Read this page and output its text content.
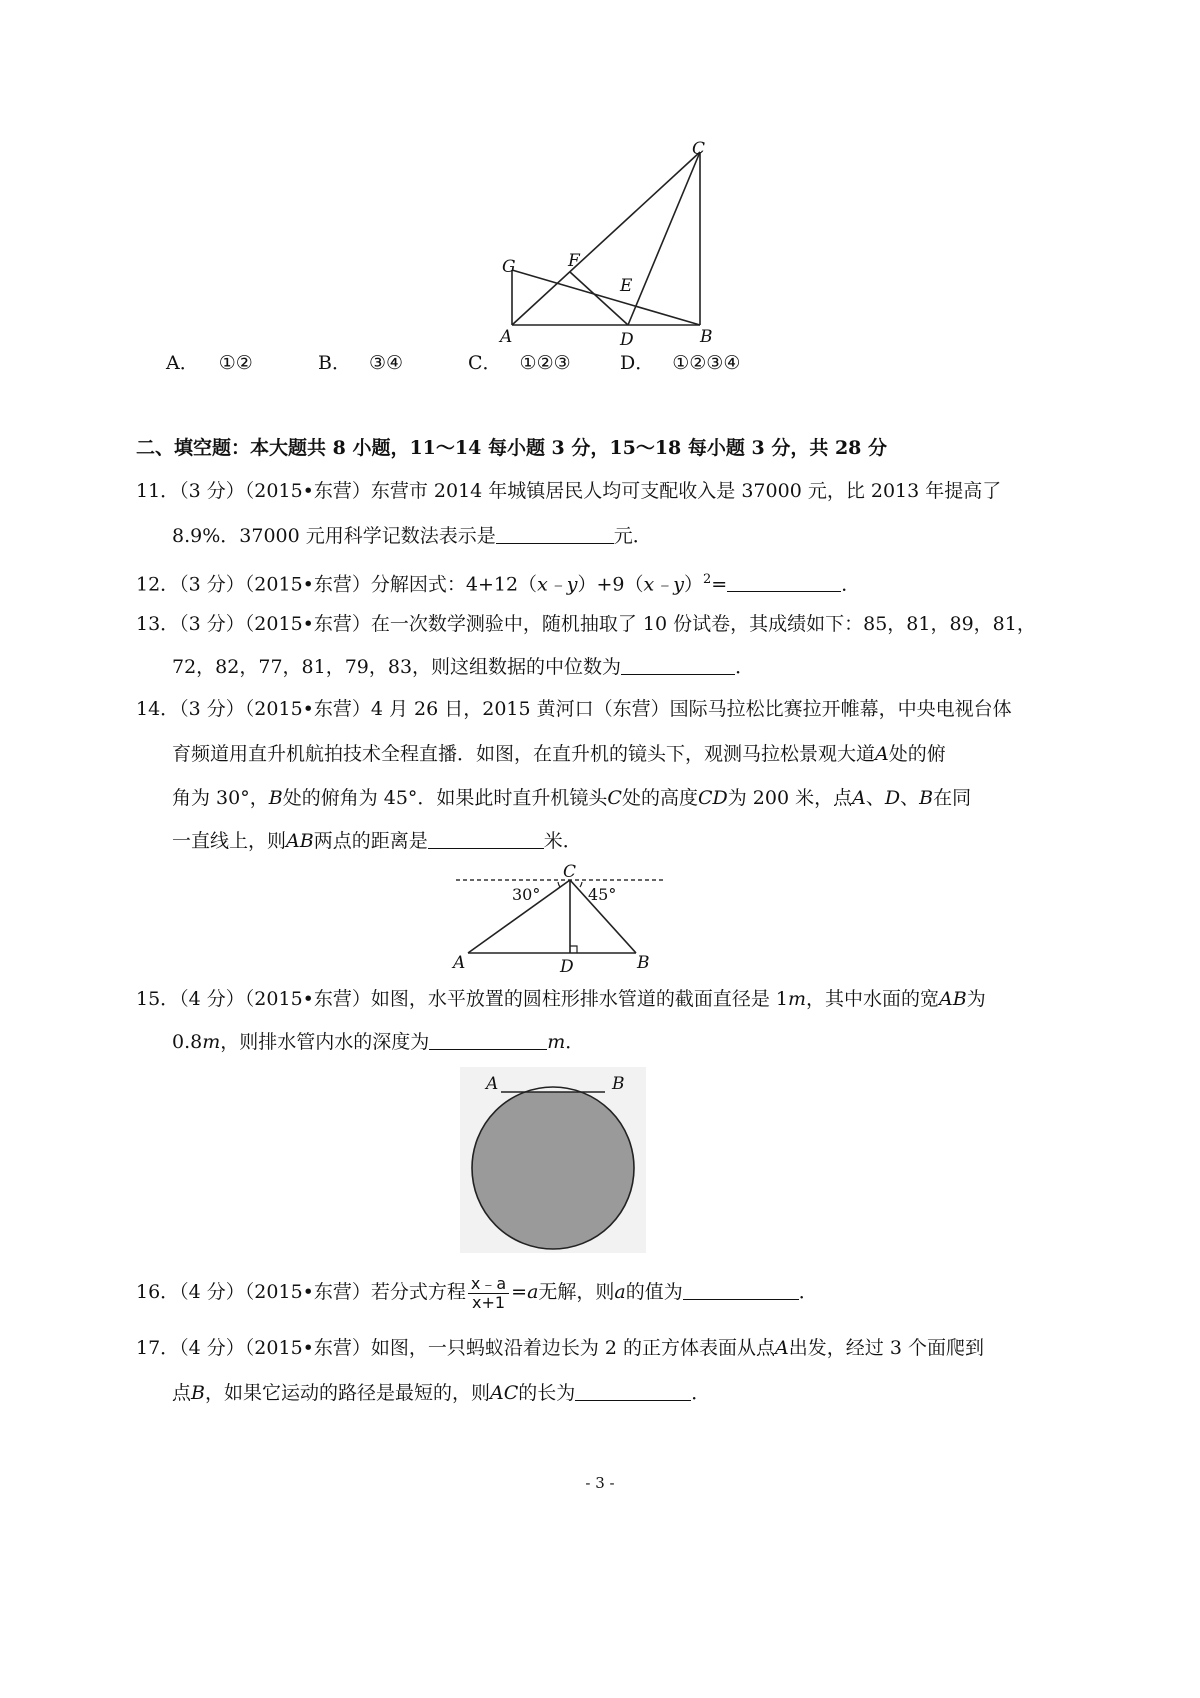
C
G	F
E
A	D	B
A． ①②	B． ③④	C． ①②③	D． ①②③④
二、填空题：本大题共 8 小题，11～14 每小题 3 分，15～18 每小题 3 分，共 28 分
11．（3 分）（2015•东营）东营市 2014 年城镇居民人均可支配收入是 37000 元，比 2013 年提高了
8.9%．37000 元用科学记数法表示是	元．
12．（3 分）（2015•东营）分解因式：4+12（x﹣y）+9（x﹣y）$^2$=	．
13．（3 分）（2015•东营）在一次数学测验中，随机抽取了 10 份试卷，其成绩如下：85，81，89，81，
72，82，77，81，79，83，则这组数据的中位数为	．
14．（3 分）（2015•东营）4 月 26 日，2015 黄河口（东营）国际马拉松比赛拉开帷幕，中央电视台体
育频道用直升机航拍技术全程直播．如图，在直升机的镜头下，观测马拉松景观大道A处的俯
角为 30°，B处的俯角为 45°．如果此时直升机镜头C处的高度CD为 200 米，点A、D、B在同
一直线上，则AB两点的距离是	米．
C
30°	45°
A	D	B
15．（4 分）（2015•东营）如图，水平放置的圆柱形排水管道的截面直径是 1m，其中水面的宽AB为
0.8m，则排水管内水的深度为	m．
A	B
16．（4 分）（2015•东营）若分式方程 $\frac{x﹣a}{x+1} =a$无解，则a的值为	．
17．（4 分）（2015•东营）如图，一只蚂蚁沿着边长为 2 的正方体表面从点A出发，经过 3 个面爬到
点B，如果它运动的路径是最短的，则AC的长为	．
- 3 -
